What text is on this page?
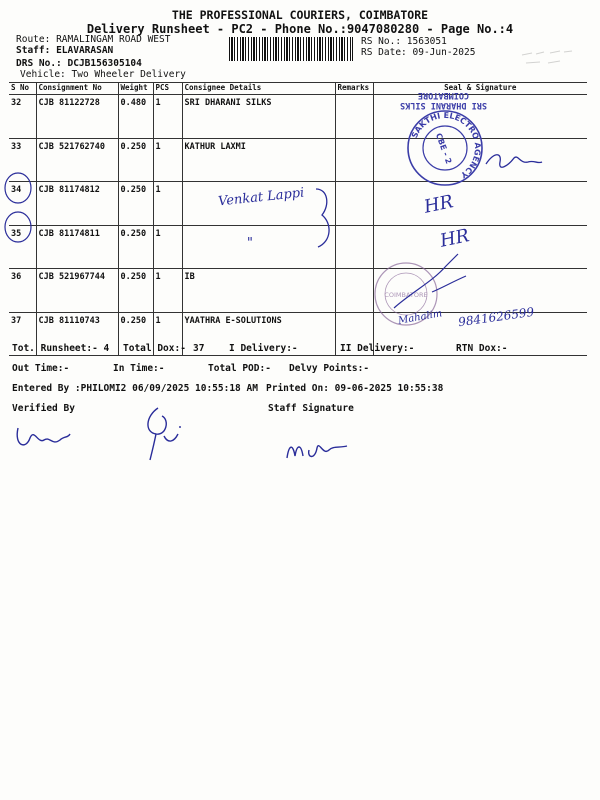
THE PROFESSIONAL COURIERS, COIMBATORE
Delivery Runsheet - PC2 - Phone No.:9047080280 - Page No.:4
Route: RAMALINGAM ROAD WEST
Staff: ELAVARASAN
DRS No.: DCJB156305104
Vehicle: Two Wheeler Delivery
RS No.: 1563051
RS Date: 09-Jun-2025
S No	Consignment No	Weight	PCS	Consignee Details	Remarks	Seal & Signature
32	CJB 81122728	0.480	1	SRI DHARANI SILKS		
33	CJB 521762740	0.250	1	KATHUR LAXMI		
34	CJB 81174812	0.250	1			
35	CJB 81174811	0.250	1			
36	CJB 521967744	0.250	1	IB		
37	CJB 81110743	0.250	1	YAATHRA E-SOLUTIONS		
Tot. Runsheet:- 4 Total Dox:- 37	I Delivery:-	II Delivery:-	RTN Dox:-
Out Time:-	In Time:-	Total POD:- Delvy Points:-
Entered By :PHILOMI2 06/09/2025 10:55:18 AM Printed On: 09-06-2025 10:55:38
Verified By	Staff Signature
SRI DHARANI SILKS
COIMBATORE
SAKTHI ELECTRO AGENCY
CBE - 2
Venkat Lappi
"
HR
HR
COIMBATORE
Mahalim 9841626599
